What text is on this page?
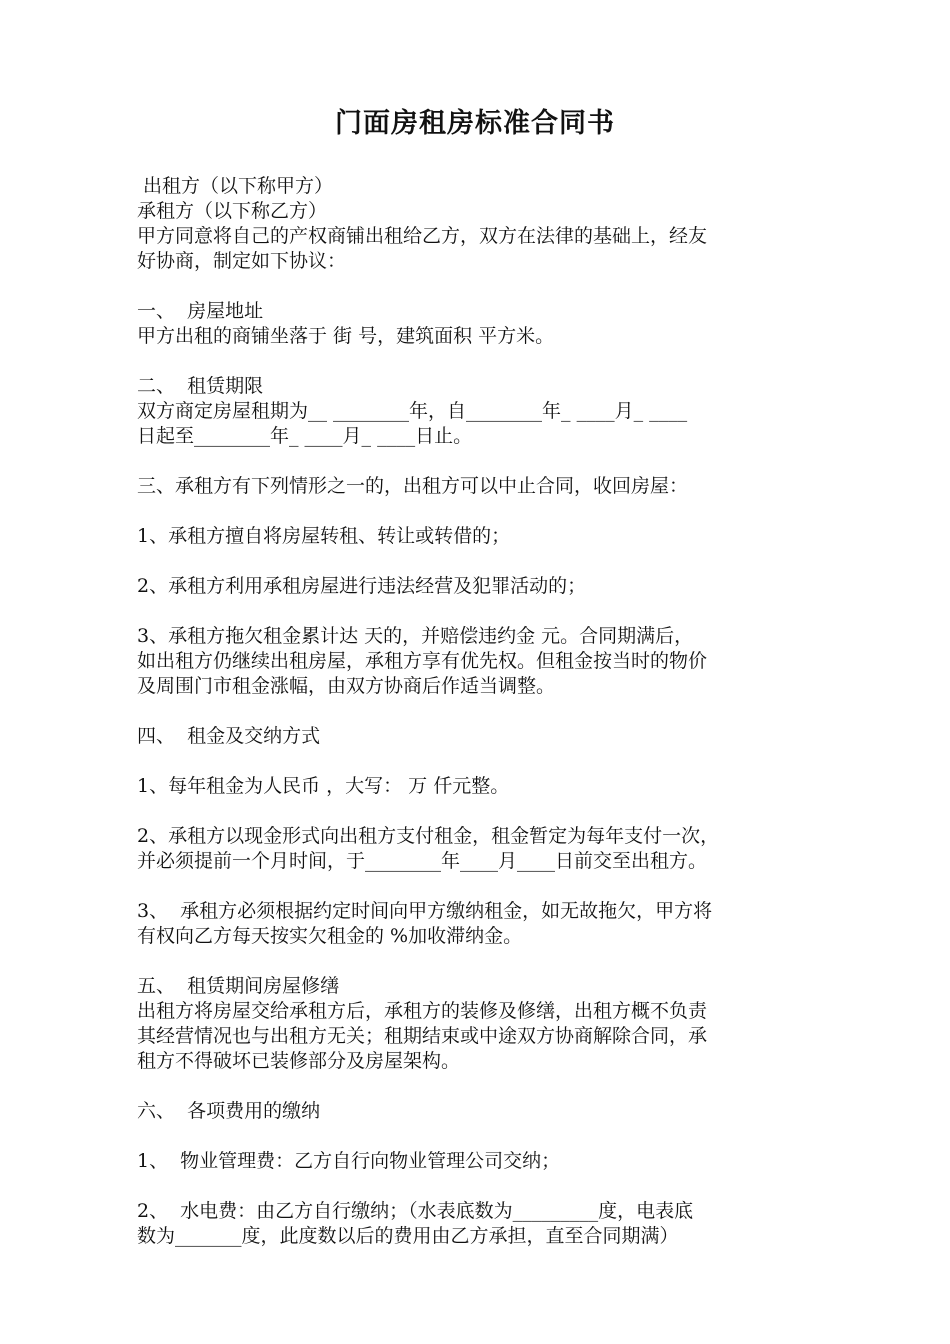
门面房租房标准合同书
出租方（以下称甲方）
承租方（以下称乙方）
甲方同意将自己的产权商铺出租给乙方，双方在法律的基础上，经友
好协商，制定如下协议：
一、  房屋地址
甲方出租的商铺坐落于 街 号，建筑面积 平方米。
二、  租赁期限
双方商定房屋租期为__ ________年，自________年_ ____月_ ____
日起至________年_ ____月_ ____日止。
三、承租方有下列情形之一的，出租方可以中止合同，收回房屋：
1、承租方擅自将房屋转租、转让或转借的；
2、承租方利用承租房屋进行违法经营及犯罪活动的；
3、承租方拖欠租金累计达 天的，并赔偿违约金 元。合同期满后，
如出租方仍继续出租房屋，承租方享有优先权。但租金按当时的物价
及周围门市租金涨幅，由双方协商后作适当调整。
四、  租金及交纳方式
1、每年租金为人民币 ，大写： 万 仟元整。
2、承租方以现金形式向出租方支付租金，租金暂定为每年支付一次，
并必须提前一个月时间，于________年____月____日前交至出租方。
3、  承租方必须根据约定时间向甲方缴纳租金，如无故拖欠，甲方将
有权向乙方每天按实欠租金的 %加收滞纳金。
五、  租赁期间房屋修缮
出租方将房屋交给承租方后，承租方的装修及修缮，出租方概不负责
其经营情况也与出租方无关；租期结束或中途双方协商解除合同，承
租方不得破坏已装修部分及房屋架构。
六、  各项费用的缴纳
1、  物业管理费：乙方自行向物业管理公司交纳；
2、  水电费：由乙方自行缴纳；（水表底数为_________度，电表底
数为_______度，此度数以后的费用由乙方承担，直至合同期满）
